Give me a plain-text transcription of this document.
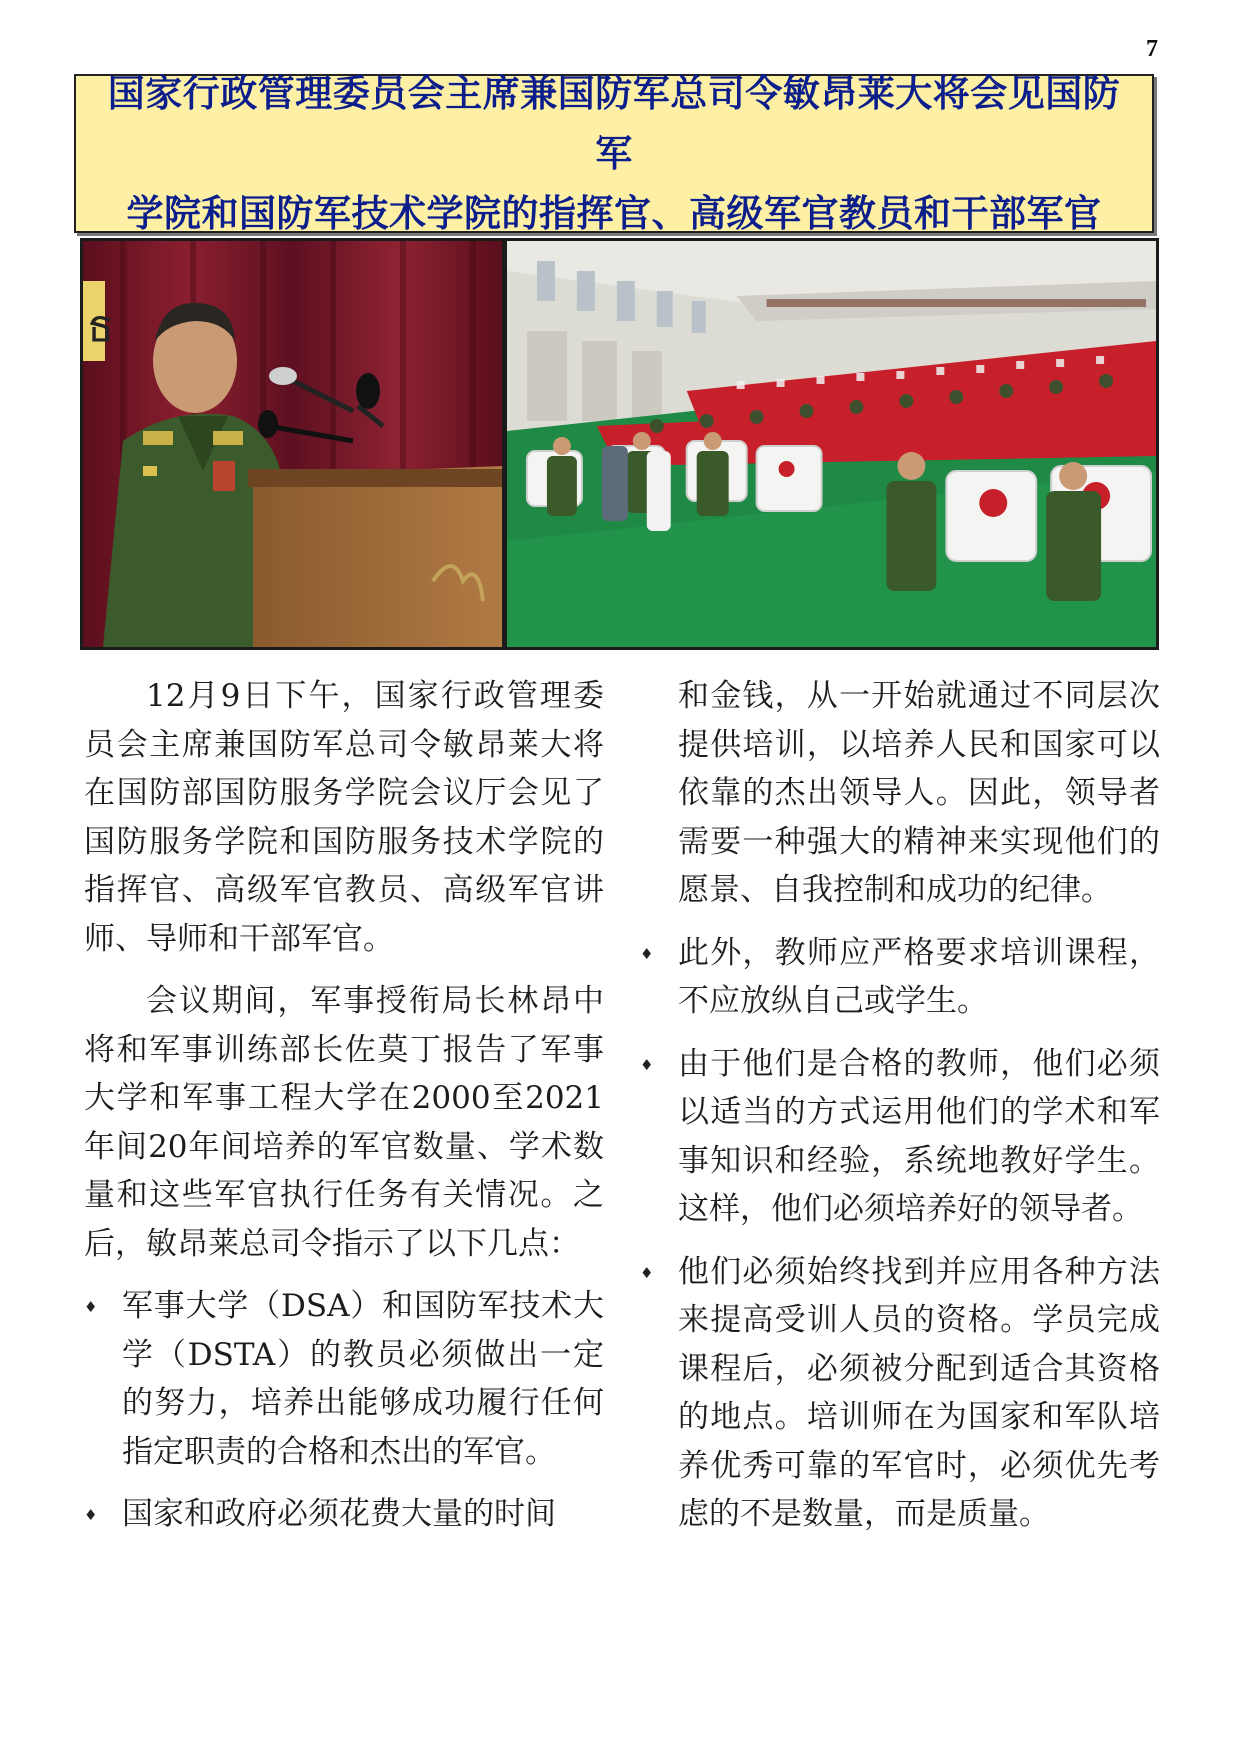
7
国家行政管理委员会主席兼国防军总司令敏昂莱大将会见国防军
学院和国防军技术学院的指挥官、高级军官教员和干部军官
ธ

12月9日下午，国家行政管理委员会主席兼国防军总司令敏昂莱大将在国防部国防服务学院会议厅会见了国防服务学院和国防服务技术学院的指挥官、高级军官教员、高级军官讲师、导师和干部军官。

会议期间，军事授衔局长林昂中将和军事训练部长佐莫丁报告了军事大学和军事工程大学在2000至2021年间20年间培养的军官数量、学术数量和这些军官执行任务有关情况。之后，敏昂莱总司令指示了以下几点：

♦ 军事大学（DSA）和国防军技术大学（DSTA）的教员必须做出一定的努力，培养出能够成功履行任何指定职责的合格和杰出的军官。
♦ 国家和政府必须花费大量的时间

和金钱，从一开始就通过不同层次提供培训，以培养人民和国家可以依靠的杰出领导人。因此，领导者需要一种强大的精神来实现他们的愿景、自我控制和成功的纪律。

♦ 此外，教师应严格要求培训课程，不应放纵自己或学生。
♦ 由于他们是合格的教师，他们必须以适当的方式运用他们的学术和军事知识和经验，系统地教好学生。这样，他们必须培养好的领导者。
♦ 他们必须始终找到并应用各种方法来提高受训人员的资格。学员完成课程后，必须被分配到适合其资格的地点。培训师在为国家和军队培养优秀可靠的军官时，必须优先考虑的不是数量，而是质量。
